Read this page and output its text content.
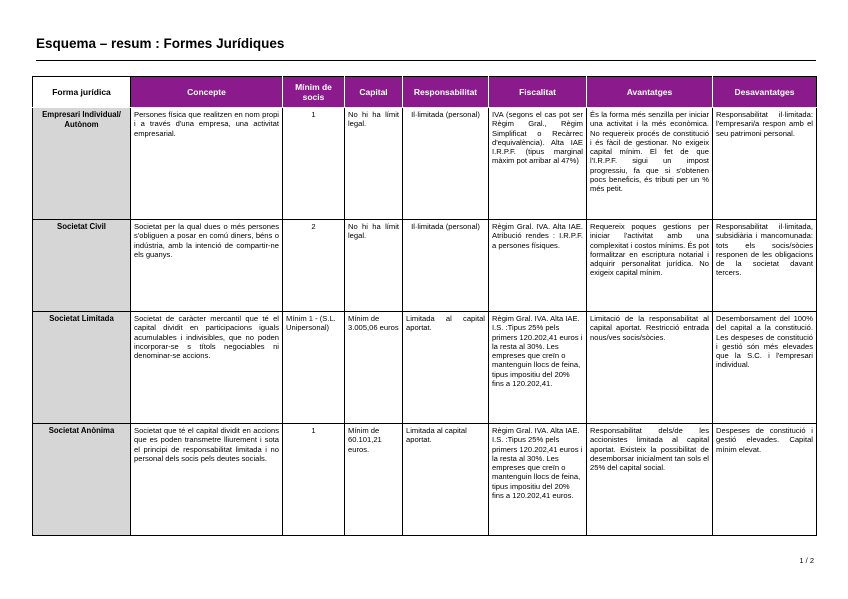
Esquema – resum : Formes Jurídiques
Forma jurídica	Concepte	Mínim de socis	Capital	Responsabilitat	Fiscalitat	Avantatges	Desavantatges
Empresari Individual/ Autònom	Persones física que realitzen en nom propi i a través d'una empresa, una activitat empresarial.	1	No hi ha límit legal.	Il·limitada (personal)	IVA (segons el cas pot ser Règim Gral., Règim Simplificat o Recàrrec d'equivalència). Alta IAE I.R.P.F. (tipus marginal màxim pot arribar al 47%)	És la forma més senzilla per iniciar una activitat i la més econòmica. No requereix procés de constitució i és fàcil de gestionar. No exigeix capital mínim. El fet de que l'I.R.P.F. sigui un impost progressiu, fa que si s'obtenen pocs beneficis, és tributi per un % més petit.	Responsabilitat il·limitada: l'empresari/a respon amb el seu patrimoni personal.
Societat Civil	Societat per la qual dues o més persones s'obliguen a posar en comú diners, béns o indústria, amb la intenció de compartir-ne els guanys.	2	No hi ha límit legal.	Il·limitada (personal)	Règim Gral. IVA. Alta IAE. Atribució rendes : I.R.P.F. a persones físiques.	Requereix poques gestions per iniciar l'activitat amb una complexitat i costos mínims. És pot formalitzar en escriptura notarial i adquirir personalitat jurídica. No exigeix capital mínim.	Responsabilitat il·limitada, subsidiària i mancomunada: tots els socis/sòcies responen de les obligacions de la societat davant tercers.
Societat Limitada	Societat de caràcter mercantil que té el capital dividit en participacions iguals acumulables i indivisibles, que no poden incorporar-se s títols negociables ni denominar-se accions.	Mínim 1 - (S.L. Unipersonal)	Mínim de 3.005,06 euros	Limitada al capital aportat.	Règim Gral. IVA. Alta IAE. I.S. :Tipus 25% pels primers 120.202,41 euros i la resta al 30%. Les empreses que creïn o mantenguin llocs de feina, tipus impositiu del 20% fins a 120.202,41.	Limitació de la responsabilitat al capital aportat. Restricció entrada nous/ves socis/sòcies.	Desemborsament del 100% del capital a la constitució. Les despeses de constitució i gestió són més elevades que la S.C. i l'empresari individual.
Societat Anònima	Societat que té el capital dividit en accions que es poden transmetre lliurement i sota el principi de responsabilitat limitada i no personal dels socis pels deutes socials.	1	Mínim de 60.101,21 euros.	Limitada al capital aportat.	Règim Gral. IVA. Alta IAE. I.S. :Tipus 25% pels primers 120.202,41 euros i la resta al 30%. Les empreses que creïn o mantenguin llocs de feina, tipus impositiu del 20% fins a 120.202,41 euros.	Responsabilitat dels/de les accionistes limitada al capital aportat. Existeix la possibilitat de desemborsar inicialment tan sols el 25% del capital social.	Despeses de constitució i gestió elevades. Capital mínim elevat.
1 / 2
